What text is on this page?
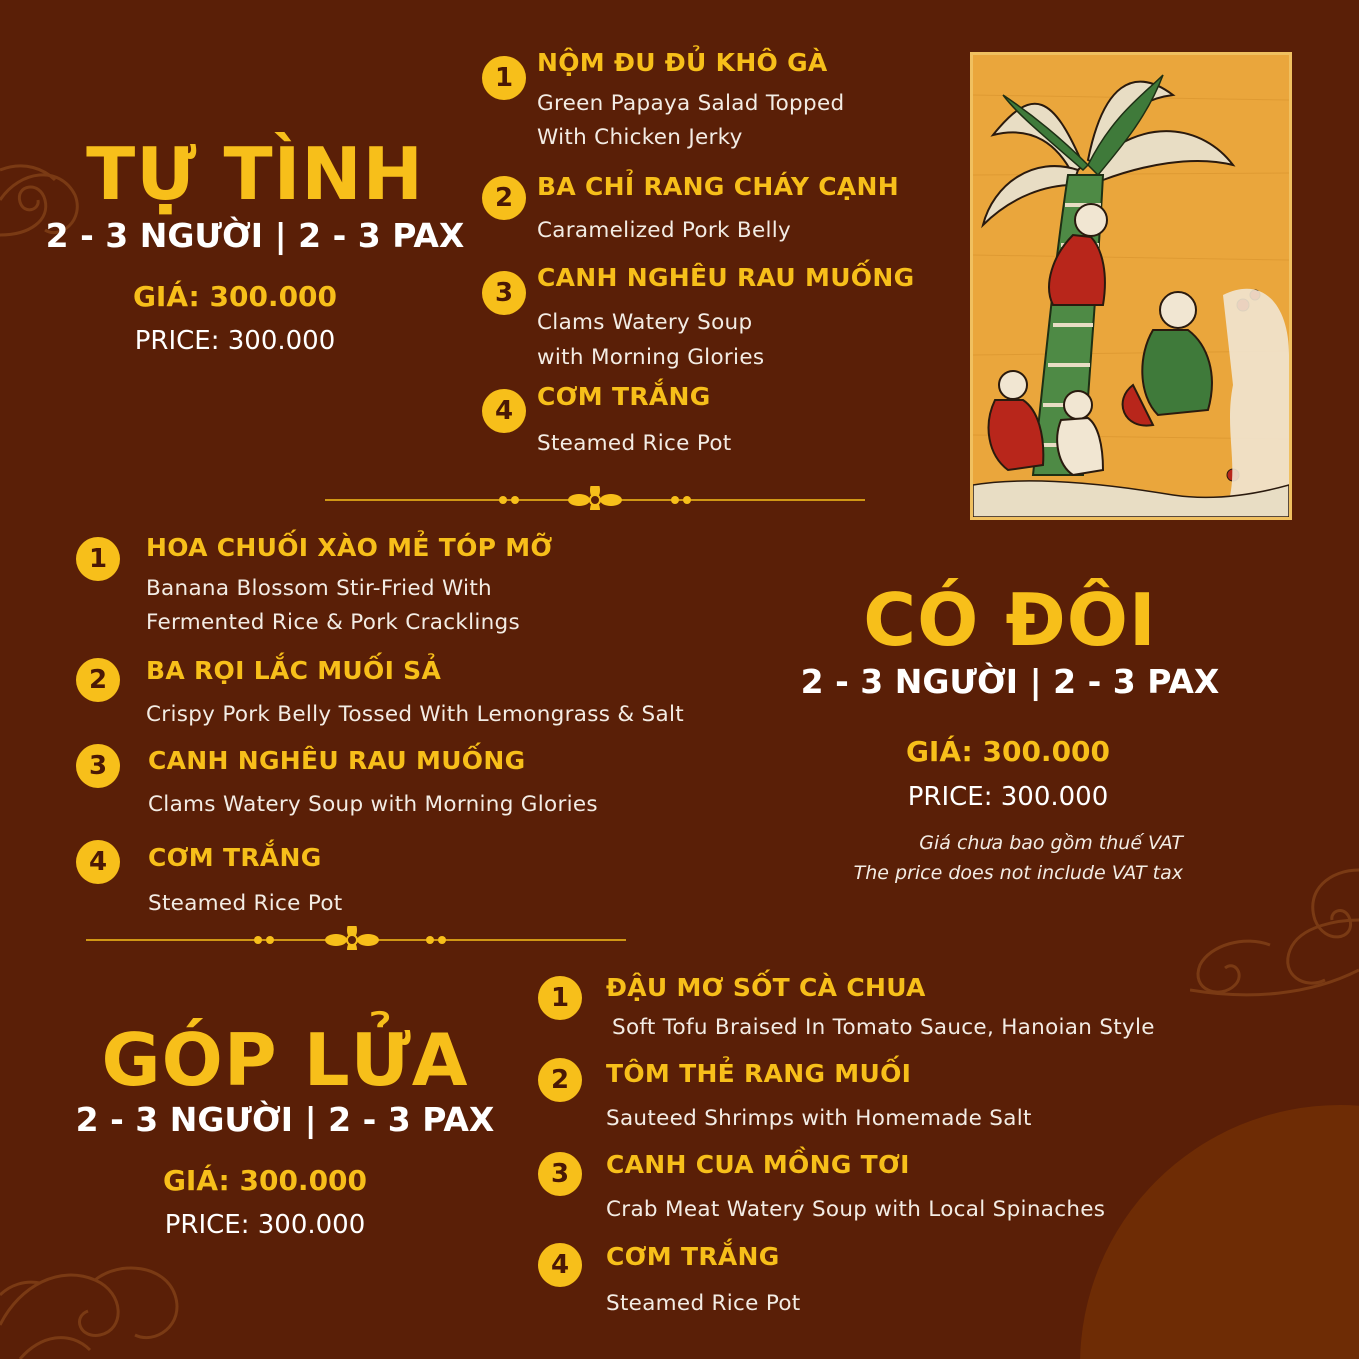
TỰ TÌNH
2 - 3 NGƯỜI | 2 - 3 PAX
GIÁ: 300.000
PRICE: 300.000
1
NỘM ĐU ĐỦ KHÔ GÀ
Green Papaya Salad Topped
With Chicken Jerky
2 BA CHỈ RANG CHÁY CẠNH
Caramelized Pork Belly
3
CANH NGHÊU RAU MUỐNG
Clams Watery Soup
with Morning Glories
4 CƠM TRẮNG
Steamed Rice Pot
1	HOA CHUỐI XÀO MẺ TÓP MỠ
Banana Blossom Stir-Fried With
Fermented Rice & Pork Cracklings
2	BA RỌI LẮC MUỐI SẢ
Crispy Pork Belly Tossed With Lemongrass & Salt
3	CANH NGHÊU RAU MUỐNG
Clams Watery Soup with Morning Glories
4	CƠM TRẮNG
Steamed Rice Pot
CÓ ĐÔI
2 - 3 NGƯỜI | 2 - 3 PAX
GIÁ: 300.000
PRICE: 300.000
Giá chưa bao gồm thuế VAT
The price does not include VAT tax
GÓP LỬA
2 - 3 NGƯỜI | 2 - 3 PAX
GIÁ: 300.000
PRICE: 300.000
1	ĐẬU MƠ SỐT CÀ CHUA
Soft Tofu Braised In Tomato Sauce, Hanoian Style
2	TÔM THẺ RANG MUỐI
Sauteed Shrimps with Homemade Salt
3	CANH CUA MỒNG TƠI
Crab Meat Watery Soup with Local Spinaches
4	CƠM TRẮNG
Steamed Rice Pot
